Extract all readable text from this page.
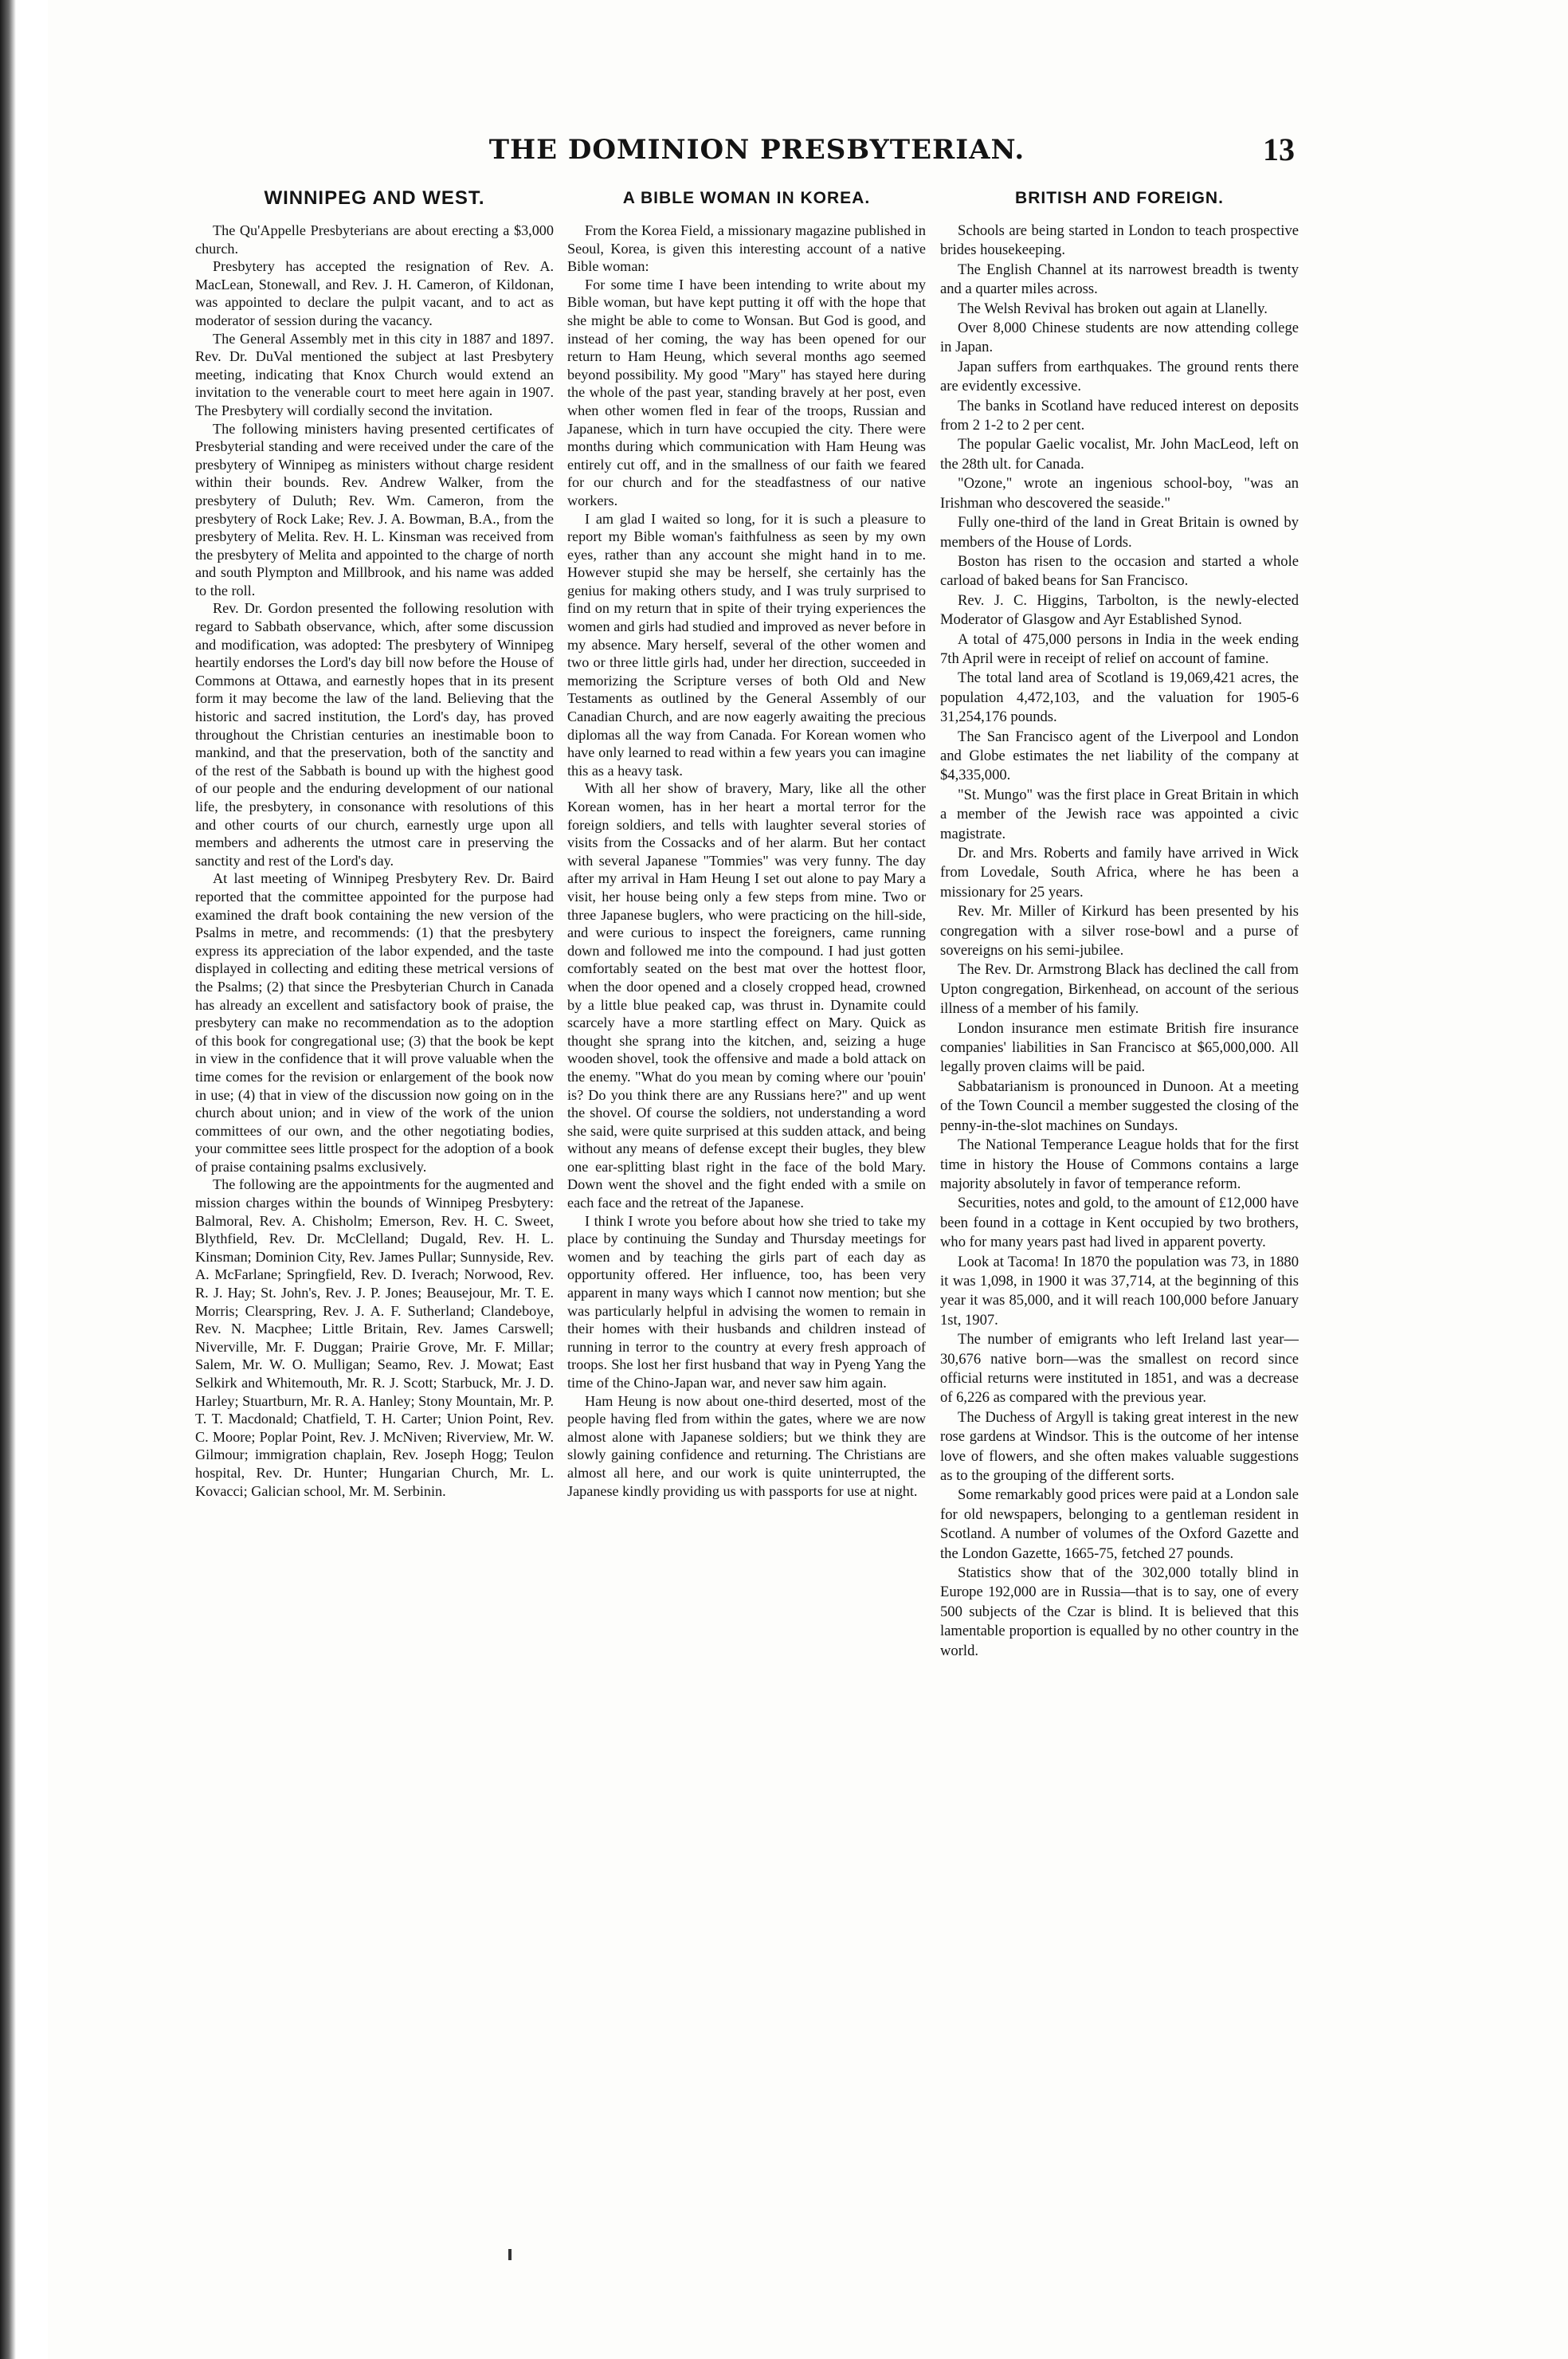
THE DOMINION PRESBYTERIAN.	13
WINNIPEG AND WEST.

The Qu'Appelle Presbyterians are about erecting a $3,000 church.

Presbytery has accepted the resignation of Rev. A. MacLean, Stonewall, and Rev. J. H. Cameron, of Kildonan, was appointed to declare the pulpit vacant, and to act as moderator of session during the vacancy.

The General Assembly met in this city in 1887 and 1897. Rev. Dr. DuVal mentioned the subject at last Presbytery meeting, indicating that Knox Church would extend an invitation to the venerable court to meet here again in 1907. The Presbytery will cordially second the invitation.

The following ministers having presented certificates of Presbyterial standing and were received under the care of the presbytery of Winnipeg as ministers without charge resident within their bounds. Rev. Andrew Walker, from the presbytery of Duluth; Rev. Wm. Cameron, from the presbytery of Rock Lake; Rev. J. A. Bowman, B.A., from the presbytery of Melita. Rev. H. L. Kinsman was received from the presbytery of Melita and appointed to the charge of north and south Plympton and Millbrook, and his name was added to the roll.

Rev. Dr. Gordon presented the following resolution with regard to Sabbath observance, which, after some discussion and modification, was adopted: The presbytery of Winnipeg heartily endorses the Lord's day bill now before the House of Commons at Ottawa, and earnestly hopes that in its present form it may become the law of the land. Believing that the historic and sacred institution, the Lord's day, has proved throughout the Christian centuries an inestimable boon to mankind, and that the preservation, both of the sanctity and of the rest of the Sabbath is bound up with the highest good of our people and the enduring development of our national life, the presbytery, in consonance with resolutions of this and other courts of our church, earnestly urge upon all members and adherents the utmost care in preserving the sanctity and rest of the Lord's day.

At last meeting of Winnipeg Presbytery Rev. Dr. Baird reported that the committee appointed for the purpose had examined the draft book containing the new version of the Psalms in metre, and recommends: (1) that the presbytery express its appreciation of the labor expended, and the taste displayed in collecting and editing these metrical versions of the Psalms; (2) that since the Presbyterian Church in Canada has already an excellent and satisfactory book of praise, the presbytery can make no recommendation as to the adoption of this book for congregational use; (3) that the book be kept in view in the confidence that it will prove valuable when the time comes for the revision or enlargement of the book now in use; (4) that in view of the discussion now going on in the church about union; and in view of the work of the union committees of our own, and the other negotiating bodies, your committee sees little prospect for the adoption of a book of praise containing psalms exclusively.

The following are the appointments for the augmented and mission charges within the bounds of Winnipeg Presbytery: Balmoral, Rev. A. Chisholm; Emerson, Rev. H. C. Sweet, Blythfield, Rev. Dr. McClelland; Dugald, Rev. H. L. Kinsman; Dominion City, Rev. James Pullar; Sunnyside, Rev. A. McFarlane; Springfield, Rev. D. Iverach; Norwood, Rev. R. J. Hay; St. John's, Rev. J. P. Jones; Beausejour, Mr. T. E. Morris; Clearspring, Rev. J. A. F. Sutherland; Clandeboye, Rev. N. Macphee; Little Britain, Rev. James Carswell; Niverville, Mr. F. Duggan; Prairie Grove, Mr. F. Millar; Salem, Mr. W. O. Mulligan; Seamo, Rev. J. Mowat; East Selkirk and Whitemouth, Mr. R. J. Scott; Starbuck, Mr. J. D. Harley; Stuartburn, Mr. R. A. Hanley; Stony Mountain, Mr. P. T. T. Macdonald; Chatfield, T. H. Carter; Union Point, Rev. C. Moore; Poplar Point, Rev. J. McNiven; Riverview, Mr. W. Gilmour; immigration chaplain, Rev. Joseph Hogg; Teulon hospital, Rev. Dr. Hunter; Hungarian Church, Mr. L. Kovacci; Galician school, Mr. M. Serbinin.

A BIBLE WOMAN IN KOREA.

From the Korea Field, a missionary magazine published in Seoul, Korea, is given this interesting account of a native Bible woman:

For some time I have been intending to write about my Bible woman, but have kept putting it off with the hope that she might be able to come to Wonsan. But God is good, and instead of her coming, the way has been opened for our return to Ham Heung, which several months ago seemed beyond possibility. My good "Mary" has stayed here during the whole of the past year, standing bravely at her post, even when other women fled in fear of the troops, Russian and Japanese, which in turn have occupied the city. There were months during which communication with Ham Heung was entirely cut off, and in the smallness of our faith we feared for our church and for the steadfastness of our native workers.

I am glad I waited so long, for it is such a pleasure to report my Bible woman's faithfulness as seen by my own eyes, rather than any account she might hand in to me. However stupid she may be herself, she certainly has the genius for making others study, and I was truly surprised to find on my return that in spite of their trying experiences the women and girls had studied and improved as never before in my absence. Mary herself, several of the other women and two or three little girls had, under her direction, succeeded in memorizing the Scripture verses of both Old and New Testaments as outlined by the General Assembly of our Canadian Church, and are now eagerly awaiting the precious diplomas all the way from Canada. For Korean women who have only learned to read within a few years you can imagine this as a heavy task.

With all her show of bravery, Mary, like all the other Korean women, has in her heart a mortal terror for the foreign soldiers, and tells with laughter several stories of visits from the Cossacks and of her alarm. But her contact with several Japanese "Tommies" was very funny. The day after my arrival in Ham Heung I set out alone to pay Mary a visit, her house being only a few steps from mine. Two or three Japanese buglers, who were practicing on the hill-side, and were curious to inspect the foreigners, came running down and followed me into the compound. I had just gotten comfortably seated on the best mat over the hottest floor, when the door opened and a closely cropped head, crowned by a little blue peaked cap, was thrust in. Dynamite could scarcely have a more startling effect on Mary. Quick as thought she sprang into the kitchen, and, seizing a huge wooden shovel, took the offensive and made a bold attack on the enemy. "What do you mean by coming where our 'pouin' is? Do you think there are any Russians here?" and up went the shovel. Of course the soldiers, not understanding a word she said, were quite surprised at this sudden attack, and being without any means of defense except their bugles, they blew one ear-splitting blast right in the face of the bold Mary. Down went the shovel and the fight ended with a smile on each face and the retreat of the Japanese.

I think I wrote you before about how she tried to take my place by continuing the Sunday and Thursday meetings for women and by teaching the girls part of each day as opportunity offered. Her influence, too, has been very apparent in many ways which I cannot now mention; but she was particularly helpful in advising the women to remain in their homes with their husbands and children instead of running in terror to the country at every fresh approach of troops. She lost her first husband that way in Pyeng Yang the time of the Chino-Japan war, and never saw him again.

Ham Heung is now about one-third deserted, most of the people having fled from within the gates, where we are now almost alone with Japanese soldiers; but we think they are slowly gaining confidence and returning. The Christians are almost all here, and our work is quite uninterrupted, the Japanese kindly providing us with passports for use at night.

BRITISH AND FOREIGN.

Schools are being started in London to teach prospective brides housekeeping.

The English Channel at its narrowest breadth is twenty and a quarter miles across.

The Welsh Revival has broken out again at Llanelly.

Over 8,000 Chinese students are now attending college in Japan.

Japan suffers from earthquakes. The ground rents there are evidently excessive.

The banks in Scotland have reduced interest on deposits from 2 1-2 to 2 per cent.

The popular Gaelic vocalist, Mr. John MacLeod, left on the 28th ult. for Canada.

"Ozone," wrote an ingenious school-boy, "was an Irishman who descovered the seaside."

Fully one-third of the land in Great Britain is owned by members of the House of Lords.

Boston has risen to the occasion and started a whole carload of baked beans for San Francisco.

Rev. J. C. Higgins, Tarbolton, is the newly-elected Moderator of Glasgow and Ayr Established Synod.

A total of 475,000 persons in India in the week ending 7th April were in receipt of relief on account of famine.

The total land area of Scotland is 19,069,421 acres, the population 4,472,103, and the valuation for 1905-6 31,254,176 pounds.

The San Francisco agent of the Liverpool and London and Globe estimates the net liability of the company at $4,335,000.

"St. Mungo" was the first place in Great Britain in which a member of the Jewish race was appointed a civic magistrate.

Dr. and Mrs. Roberts and family have arrived in Wick from Lovedale, South Africa, where he has been a missionary for 25 years.

Rev. Mr. Miller of Kirkurd has been presented by his congregation with a silver rose-bowl and a purse of sovereigns on his semi-jubilee.

The Rev. Dr. Armstrong Black has declined the call from Upton congregation, Birkenhead, on account of the serious illness of a member of his family.

London insurance men estimate British fire insurance companies' liabilities in San Francisco at $65,000,000. All legally proven claims will be paid.

Sabbatarianism is pronounced in Dunoon. At a meeting of the Town Council a member suggested the closing of the penny-in-the-slot machines on Sundays.

The National Temperance League holds that for the first time in history the House of Commons contains a large majority absolutely in favor of temperance reform.

Securities, notes and gold, to the amount of £12,000 have been found in a cottage in Kent occupied by two brothers, who for many years past had lived in apparent poverty.

Look at Tacoma! In 1870 the population was 73, in 1880 it was 1,098, in 1900 it was 37,714, at the beginning of this year it was 85,000, and it will reach 100,000 before January 1st, 1907.

The number of emigrants who left Ireland last year—30,676 native born—was the smallest on record since official returns were instituted in 1851, and was a decrease of 6,226 as compared with the previous year.

The Duchess of Argyll is taking great interest in the new rose gardens at Windsor. This is the outcome of her intense love of flowers, and she often makes valuable suggestions as to the grouping of the different sorts.

Some remarkably good prices were paid at a London sale for old newspapers, belonging to a gentleman resident in Scotland. A number of volumes of the Oxford Gazette and the London Gazette, 1665-75, fetched 27 pounds.

Statistics show that of the 302,000 totally blind in Europe 192,000 are in Russia—that is to say, one of every 500 subjects of the Czar is blind. It is believed that this lamentable proportion is equalled by no other country in the world.
